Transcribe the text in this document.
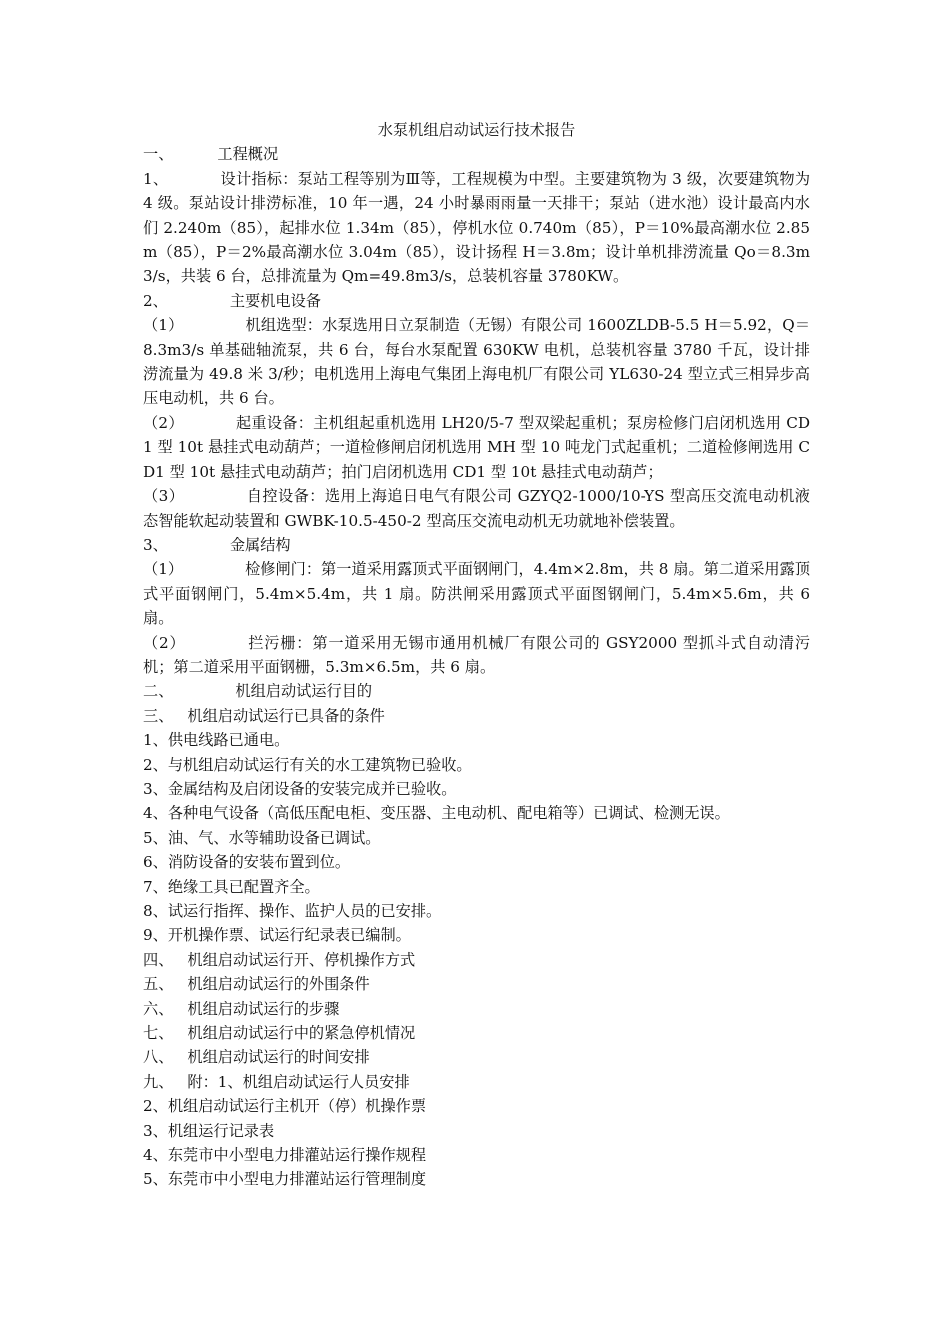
水泵机组启动试运行技术报告

一、	工程概况

1、	设计指标：泵站工程等别为Ⅲ等，工程规模为中型。主要建筑物为 3 级，次要建筑物为 4 级。泵站设计排涝标准，10 年一遇，24 小时暴雨雨量一天排干；泵站（进水池）设计最高内水们 2.240m（85），起排水位 1.34m（85），停机水位 0.740m（85），P＝10%最高潮水位 2.85m（85），P＝2%最高潮水位 3.04m（85），设计扬程 H＝3.8m；设计单机排涝流量 Qo＝8.3m3/s，共装 6 台，总排流量为 Qm=49.8m3/s，总装机容量 3780KW。

2、	主要机电设备

（1）	机组选型：水泵选用日立泵制造（无锡）有限公司 1600ZLDB-5.5 H＝5.92，Q＝8.3m3/s 单基础轴流泵，共 6 台，每台水泵配置 630KW 电机，总装机容量 3780 千瓦，设计排涝流量为 49.8 米 3/秒；电机选用上海电气集团上海电机厂有限公司 YL630-24 型立式三相异步高压电动机，共 6 台。

（2）	起重设备：主机组起重机选用 LH20/5-7 型双梁起重机；泵房检修门启闭机选用 CD1 型 10t 悬挂式电动葫芦；一道检修闸启闭机选用 MH 型 10 吨龙门式起重机；二道检修闸选用 CD1 型 10t 悬挂式电动葫芦；拍门启闭机选用 CD1 型 10t 悬挂式电动葫芦；

（3）	自控设备：选用上海追日电气有限公司 GZYQ2-1000/10-YS 型高压交流电动机液态智能软起动装置和 GWBK-10.5-450-2 型高压交流电动机无功就地补偿装置。

3、	金属结构

（1）	检修闸门：第一道采用露顶式平面钢闸门，4.4m×2.8m，共 8 扇。第二道采用露顶式平面钢闸门，5.4m×5.4m，共 1 扇。防洪闸采用露顶式平面图钢闸门，5.4m×5.6m，共 6 扇。

（2）	拦污栅：第一道采用无锡市通用机械厂有限公司的 GSY2000 型抓斗式自动清污机；第二道采用平面钢栅，5.3m×6.5m，共 6 扇。

二、	机组启动试运行目的

三、 机组启动试运行已具备的条件

1、供电线路已通电。

2、与机组启动试运行有关的水工建筑物已验收。

3、金属结构及启闭设备的安装完成并已验收。

4、各种电气设备（高低压配电柜、变压器、主电动机、配电箱等）已调试、检测无误。

5、油、气、水等辅助设备已调试。

6、消防设备的安装布置到位。

7、绝缘工具已配置齐全。

8、试运行指挥、操作、监护人员的已安排。

9、开机操作票、试运行纪录表已编制。

四、 机组启动试运行开、停机操作方式

五、 机组启动试运行的外围条件

六、 机组启动试运行的步骤

七、 机组启动试运行中的紧急停机情况

八、 机组启动试运行的时间安排

九、 附：1、机组启动试运行人员安排

2、机组启动试运行主机开（停）机操作票

3、机组运行记录表

4、东莞市中小型电力排灌站运行操作规程

5、东莞市中小型电力排灌站运行管理制度
